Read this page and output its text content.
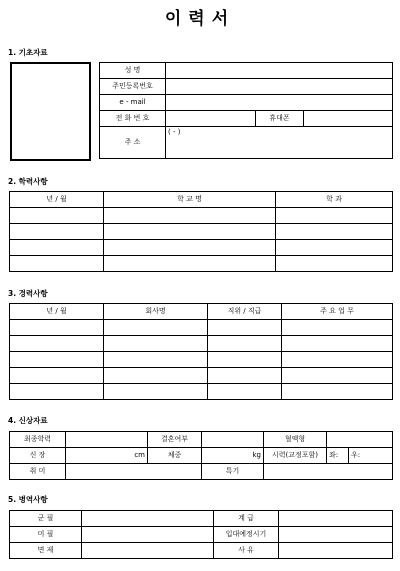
이력서
1. 기초자료
성 명			
주민등록번호			
e - mail			
전 화 번 호		휴대폰	
주 소	( - )		
2. 학력사항
년 / 월	학 교 명	학 과

3. 경력사항
년 / 월	회사명	직위 / 직급	주 요 업 무

4. 신상자료
최종학력		결혼여부		혈액형		
신 장	cm	체중	kg	시력(교정포함)	좌:	우:
취 미			특기			
5. 병역사항
군 필		계 급	
미 필		입대예정시기	
면 제		사 유	
